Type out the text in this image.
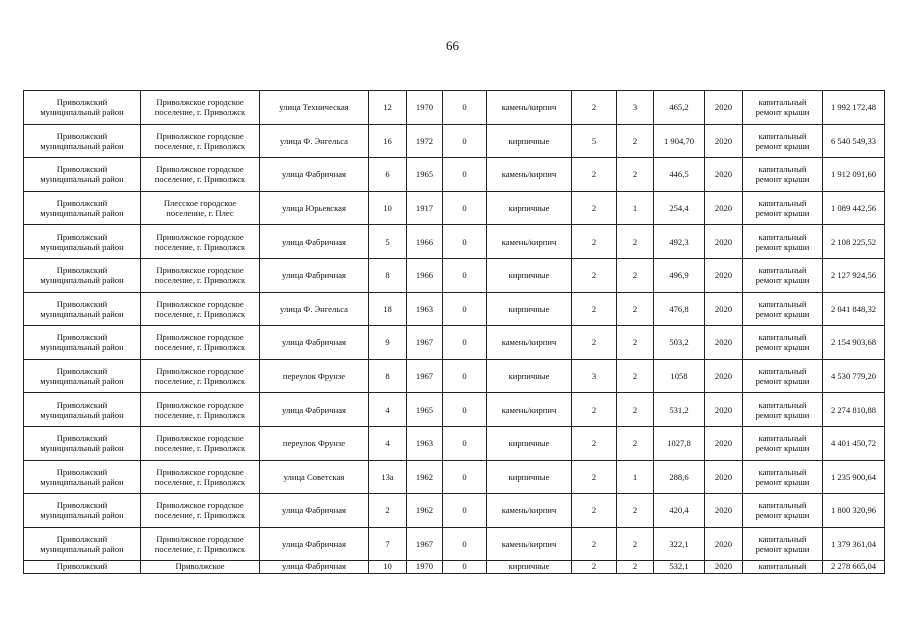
66
Приволжский муниципальный район	Приволжское городское поселение, г. Приволжск	улица Техническая	12	1970	0	камень/кирпич	2	3	465,2	2020	капитальный ремонт крыши	1 992 172,48
Приволжский муниципальный район	Приволжское городское поселение, г. Приволжск	улица Ф. Энгельса	16	1972	0	кирпичные	5	2	1 904,70	2020	капитальный ремонт крыши	6 540 549,33
Приволжский муниципальный район	Приволжское городское поселение, г. Приволжск	улица Фабричная	6	1965	0	камень/кирпич	2	2	446,5	2020	капитальный ремонт крыши	1 912 091,60
Приволжский муниципальный район	Плесское городское поселение, г. Плес	улица Юрьевская	10	1917	0	кирпичные	2	1	254,4	2020	капитальный ремонт крыши	1 089 442,56
Приволжский муниципальный район	Приволжское городское поселение, г. Приволжск	улица Фабричная	5	1966	0	камень/кирпич	2	2	492,3	2020	капитальный ремонт крыши	2 108 225,52
Приволжский муниципальный район	Приволжское городское поселение, г. Приволжск	улица Фабричная	8	1966	0	кирпичные	2	2	496,9	2020	капитальный ремонт крыши	2 127 924,56
Приволжский муниципальный район	Приволжское городское поселение, г. Приволжск	улица Ф. Энгельса	18	1963	0	кирпичные	2	2	476,8	2020	капитальный ремонт крыши	2 041 848,32
Приволжский муниципальный район	Приволжское городское поселение, г. Приволжск	улица Фабричная	9	1967	0	камень/кирпич	2	2	503,2	2020	капитальный ремонт крыши	2 154 903,68
Приволжский муниципальный район	Приволжское городское поселение, г. Приволжск	переулок Фрунзе	8	1967	0	кирпичные	3	2	1058	2020	капитальный ремонт крыши	4 530 779,20
Приволжский муниципальный район	Приволжское городское поселение, г. Приволжск	улица Фабричная	4	1965	0	камень/кирпич	2	2	531,2	2020	капитальный ремонт крыши	2 274 810,88
Приволжский муниципальный район	Приволжское городское поселение, г. Приволжск	переулок Фрунзе	4	1963	0	кирпичные	2	2	1027,8	2020	капитальный ремонт крыши	4 401 450,72
Приволжский муниципальный район	Приволжское городское поселение, г. Приволжск	улица Советская	13а	1962	0	кирпичные	2	1	288,6	2020	капитальный ремонт крыши	1 235 900,64
Приволжский муниципальный район	Приволжское городское поселение, г. Приволжск	улица Фабричная	2	1962	0	камень/кирпич	2	2	420,4	2020	капитальный ремонт крыши	1 800 320,96
Приволжский муниципальный район	Приволжское городское поселение, г. Приволжск	улица Фабричная	7	1967	0	камень/кирпич	2	2	322,1	2020	капитальный ремонт крыши	1 379 361,04

Приволжский	Приволжское	улица Фабричная	10	1970	0	кирпичные	2	2	532,1	2020	капитальный	2 278 665,04
